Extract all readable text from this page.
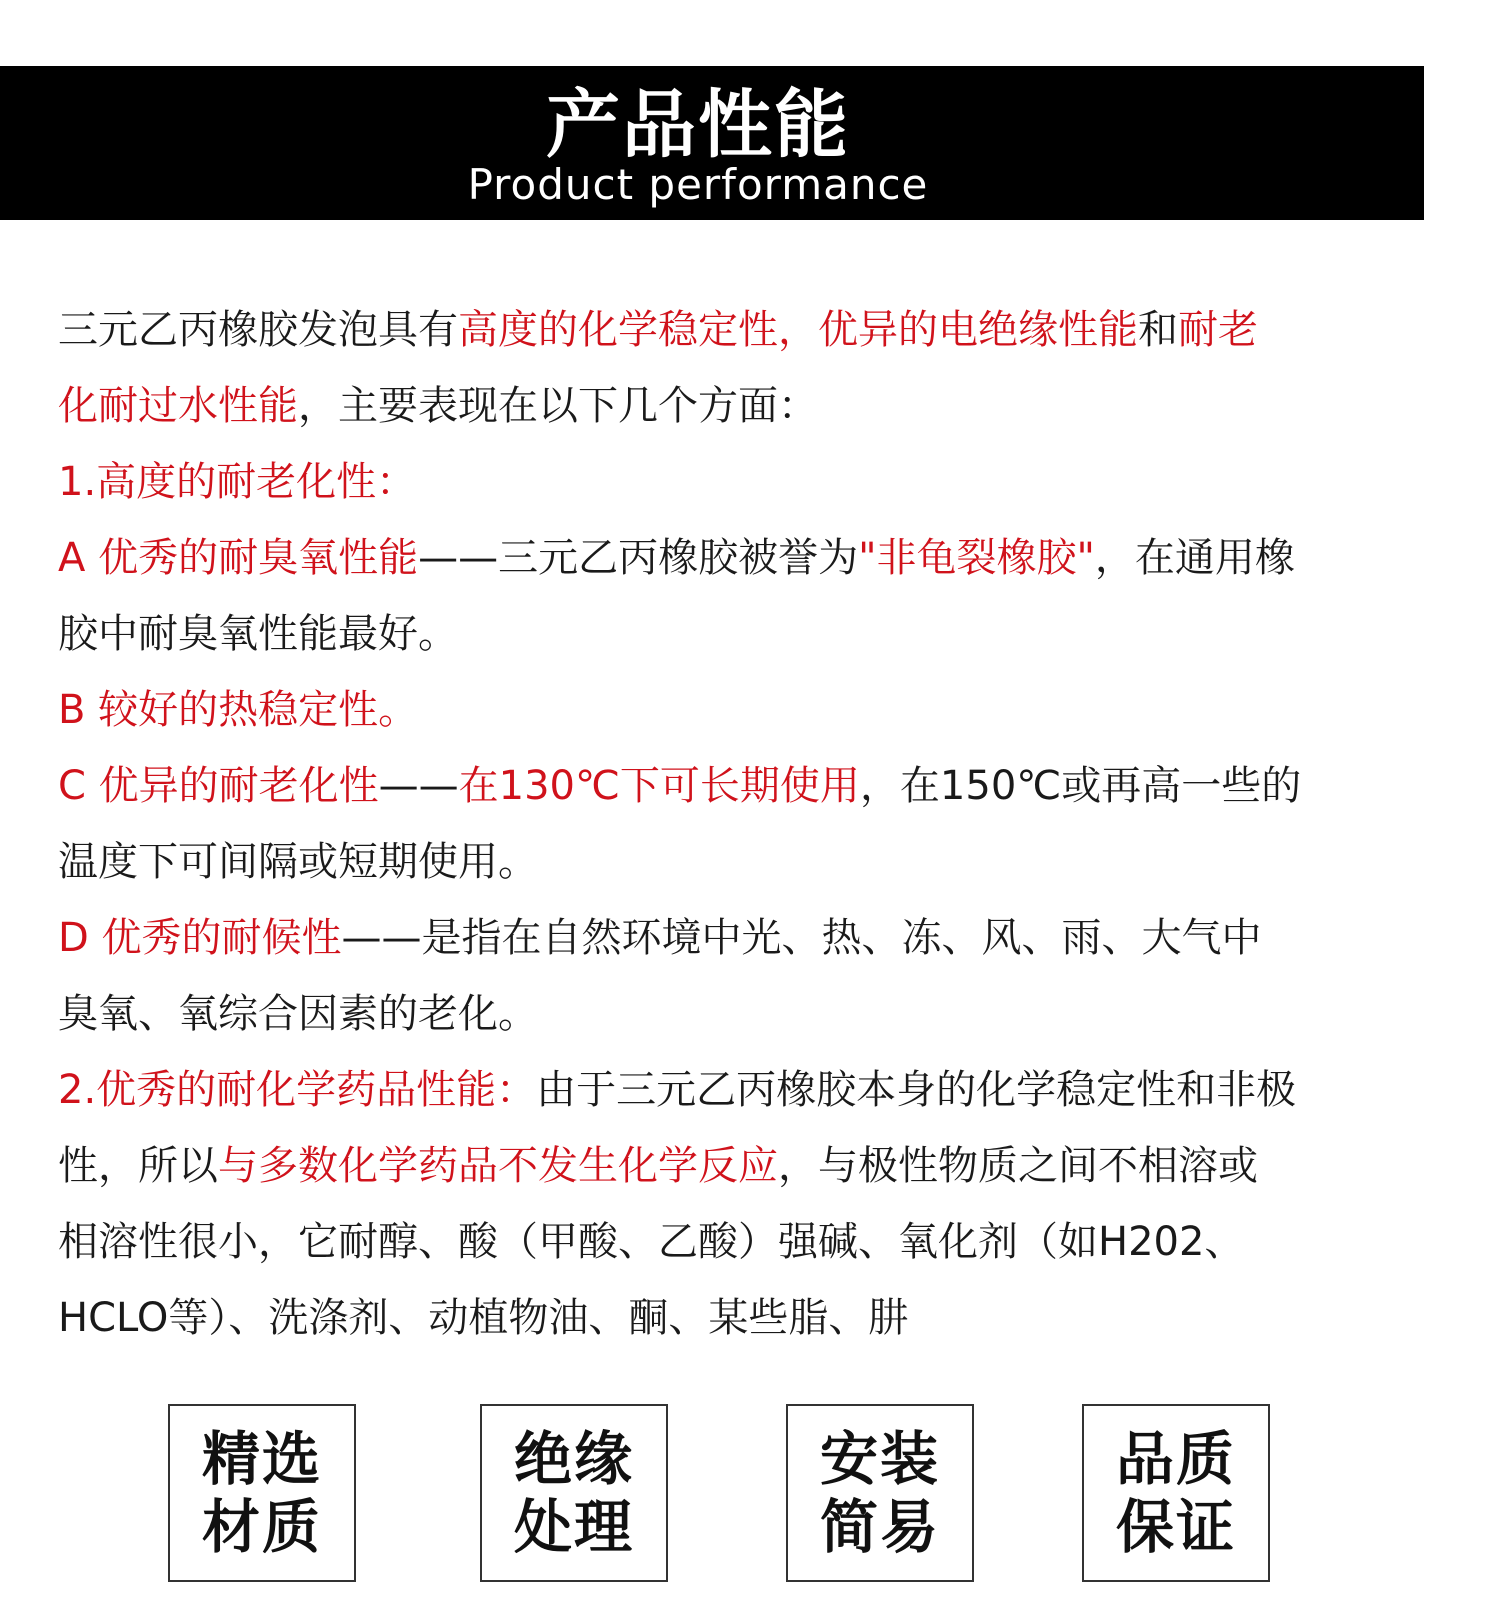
产品性能
Product performance
三元乙丙橡胶发泡具有高度的化学稳定性，优异的电绝缘性能和耐老
化耐过水性能，主要表现在以下几个方面：
1.高度的耐老化性：
A 优秀的耐臭氧性能——三元乙丙橡胶被誉为"非龟裂橡胶"，在通用橡
胶中耐臭氧性能最好。
B 较好的热稳定性。
C 优异的耐老化性——在130℃下可长期使用，在150℃或再高一些的
温度下可间隔或短期使用。
D 优秀的耐候性——是指在自然环境中光、热、冻、风、雨、大气中
臭氧、氧综合因素的老化。
2.优秀的耐化学药品性能：由于三元乙丙橡胶本身的化学稳定性和非极
性，所以与多数化学药品不发生化学反应，与极性物质之间不相溶或
相溶性很小，它耐醇、酸（甲酸、乙酸）强碱、氧化剂（如H202、
HCLO等）、洗涤剂、动植物油、酮、某些脂、肼
精选
材质
绝缘
处理
安装
简易
品质
保证
